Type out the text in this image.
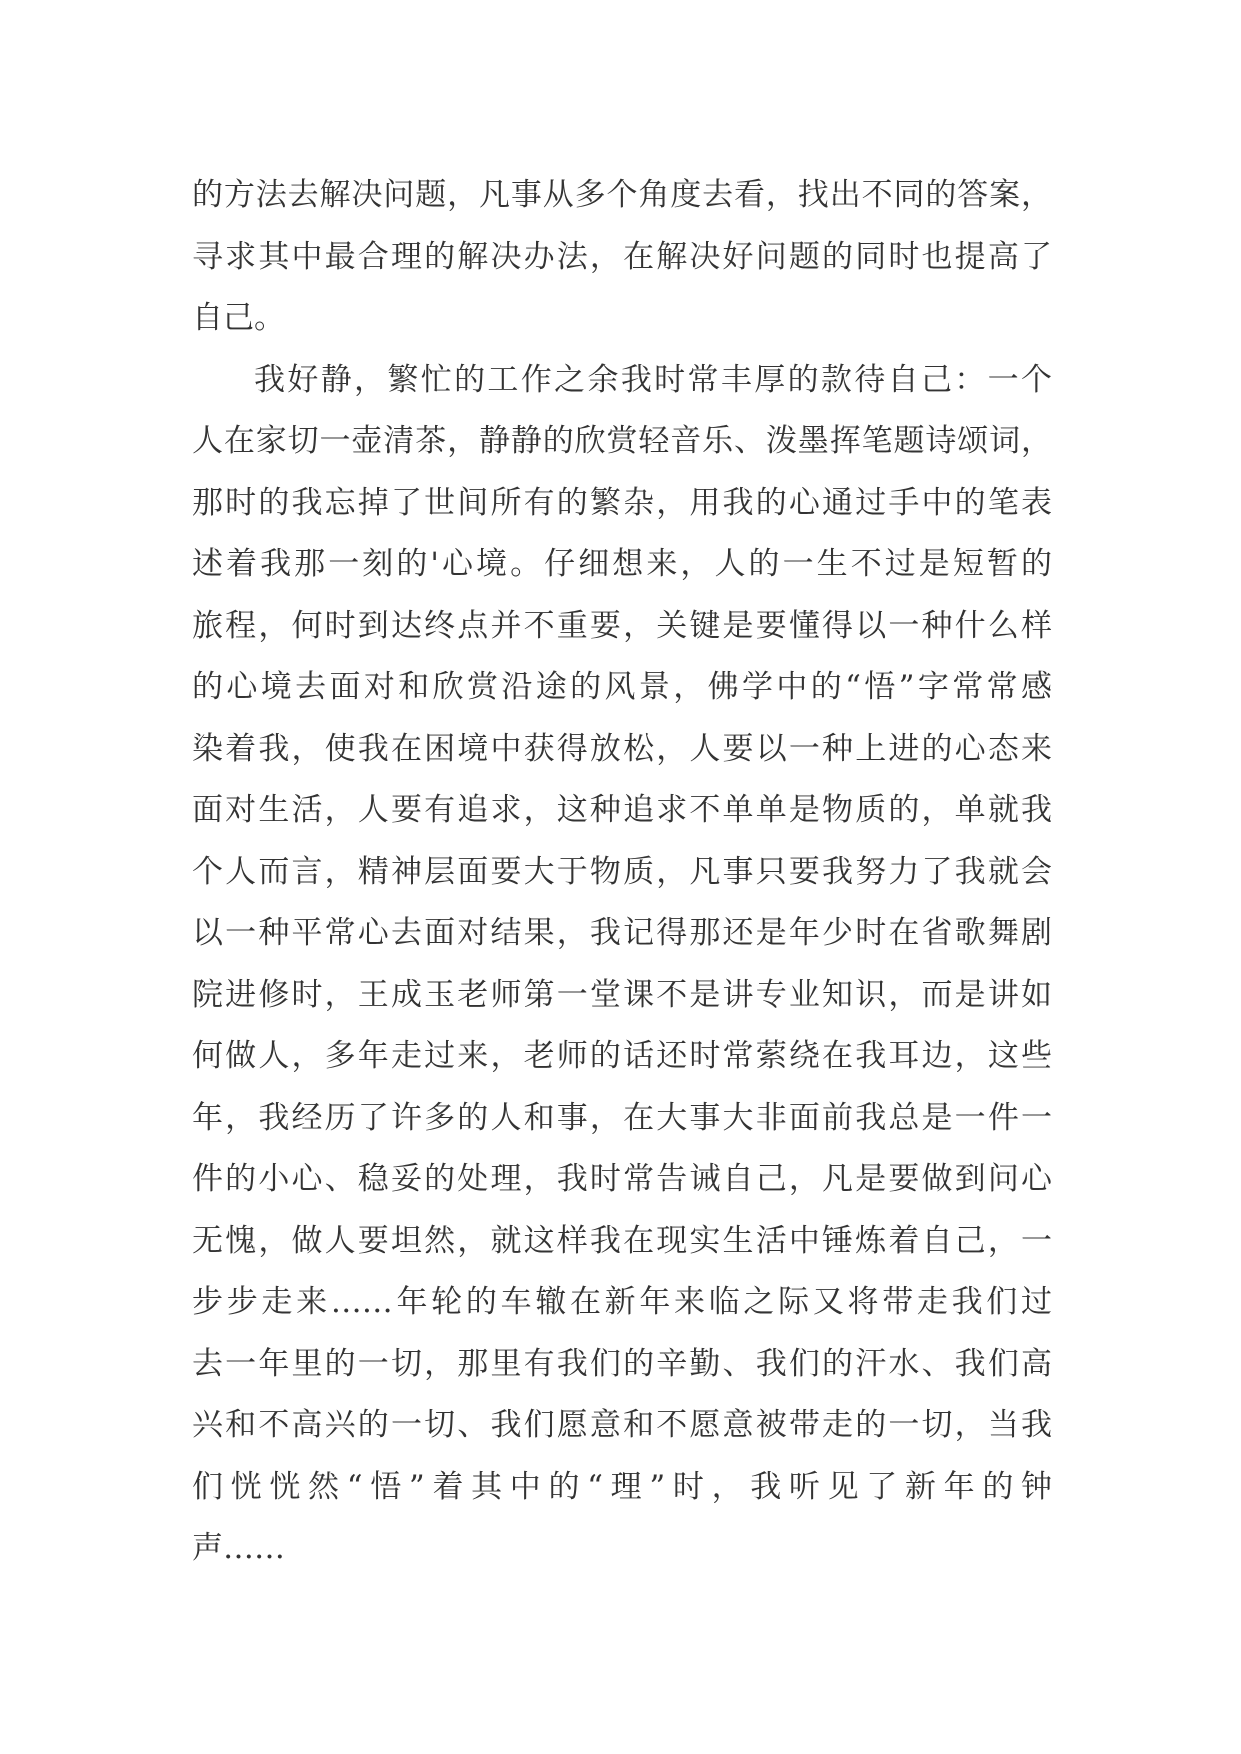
的方法去解决问题，凡事从多个角度去看，找出不同的答案，
寻求其中最合理的解决办法，在解决好问题的同时也提高了
自己。
我好静，繁忙的工作之余我时常丰厚的款待自己：一个
人在家切一壶清茶，静静的欣赏轻音乐、泼墨挥笔题诗颂词，
那时的我忘掉了世间所有的繁杂，用我的心通过手中的笔表
述着我那一刻的'心境。仔细想来，人的一生不过是短暂的
旅程，何时到达终点并不重要，关键是要懂得以一种什么样
的心境去面对和欣赏沿途的风景，佛学中的“悟”字常常感
染着我，使我在困境中获得放松，人要以一种上进的心态来
面对生活，人要有追求，这种追求不单单是物质的，单就我
个人而言，精神层面要大于物质，凡事只要我努力了我就会
以一种平常心去面对结果，我记得那还是年少时在省歌舞剧
院进修时，王成玉老师第一堂课不是讲专业知识，而是讲如
何做人，多年走过来，老师的话还时常萦绕在我耳边，这些
年，我经历了许多的人和事，在大事大非面前我总是一件一
件的小心、稳妥的处理，我时常告诫自己，凡是要做到问心
无愧，做人要坦然，就这样我在现实生活中锤炼着自己，一
步步走来……年轮的车辙在新年来临之际又将带走我们过
去一年里的一切，那里有我们的辛勤、我们的汗水、我们高
兴和不高兴的一切、我们愿意和不愿意被带走的一切，当我
们恍恍然“悟”着其中的“理”时，我听见了新年的钟
声……
